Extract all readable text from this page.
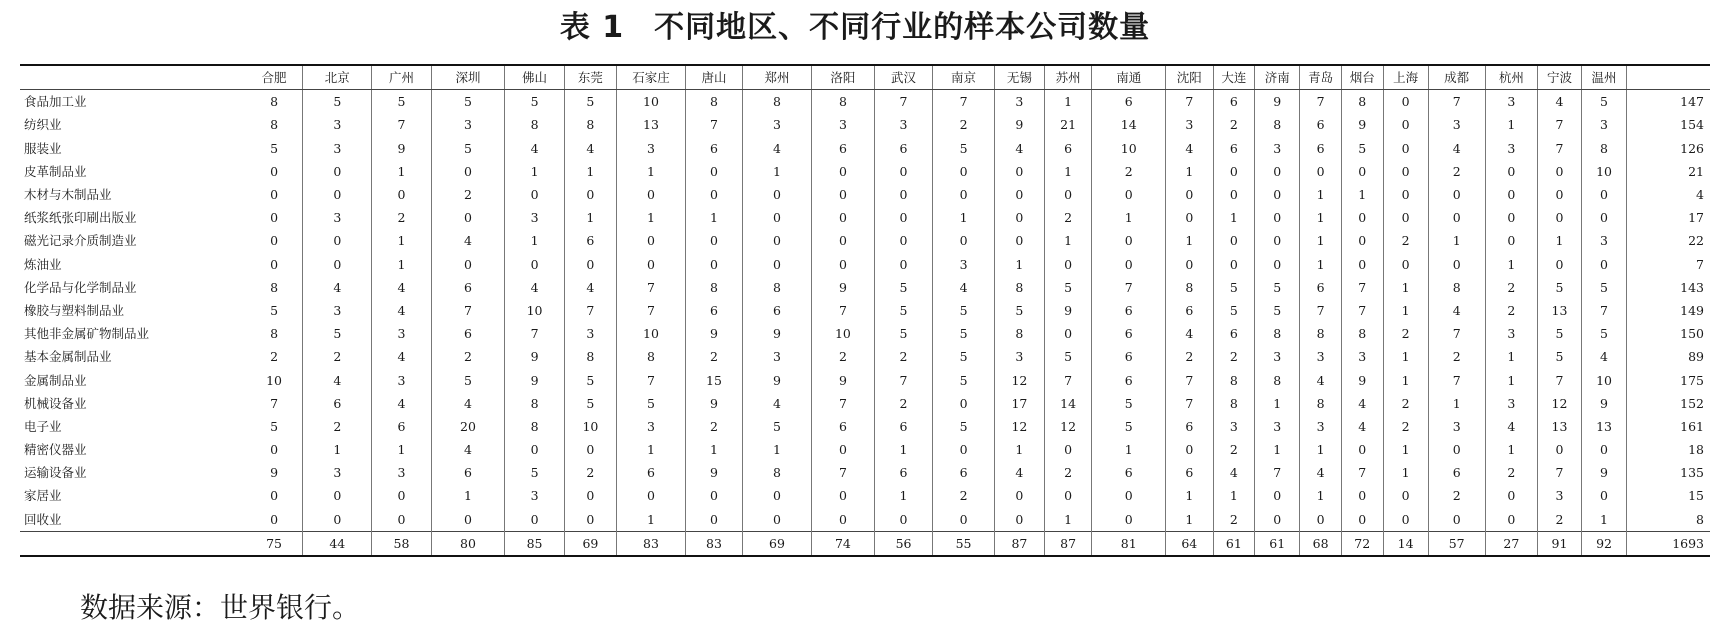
表 1 不同地区、不同行业的样本公司数量
	合肥	北京	广州	深圳	佛山	东莞	石家庄	唐山	郑州	洛阳	武汉	南京	无锡	苏州	南通	沈阳	大连	济南	青岛	烟台	上海	成都	杭州	宁波	温州	
食品加工业	8	5	5	5	5	5	10	8	8	8	7	7	3	1	6	7	6	9	7	8	0	7	3	4	5	147
纺织业	8	3	7	3	8	8	13	7	3	3	3	2	9	21	14	3	2	8	6	9	0	3	1	7	3	154
服装业	5	3	9	5	4	4	3	6	4	6	6	5	4	6	10	4	6	3	6	5	0	4	3	7	8	126
皮革制品业	0	0	1	0	1	1	1	0	1	0	0	0	0	1	2	1	0	0	0	0	0	2	0	0	10	21
木材与木制品业	0	0	0	2	0	0	0	0	0	0	0	0	0	0	0	0	0	0	1	1	0	0	0	0	0	4
纸浆纸张印刷出版业	0	3	2	0	3	1	1	1	0	0	0	1	0	2	1	0	1	0	1	0	0	0	0	0	0	17
磁光记录介质制造业	0	0	1	4	1	6	0	0	0	0	0	0	0	1	0	1	0	0	1	0	2	1	0	1	3	22
炼油业	0	0	1	0	0	0	0	0	0	0	0	3	1	0	0	0	0	0	1	0	0	0	1	0	0	7
化学品与化学制品业	8	4	4	6	4	4	7	8	8	9	5	4	8	5	7	8	5	5	6	7	1	8	2	5	5	143
橡胶与塑料制品业	5	3	4	7	10	7	7	6	6	7	5	5	5	9	6	6	5	5	7	7	1	4	2	13	7	149
其他非金属矿物制品业	8	5	3	6	7	3	10	9	9	10	5	5	8	0	6	4	6	8	8	8	2	7	3	5	5	150
基本金属制品业	2	2	4	2	9	8	8	2	3	2	2	5	3	5	6	2	2	3	3	3	1	2	1	5	4	89
金属制品业	10	4	3	5	9	5	7	15	9	9	7	5	12	7	6	7	8	8	4	9	1	7	1	7	10	175
机械设备业	7	6	4	4	8	5	5	9	4	7	2	0	17	14	5	7	8	1	8	4	2	1	3	12	9	152
电子业	5	2	6	20	8	10	3	2	5	6	6	5	12	12	5	6	3	3	3	4	2	3	4	13	13	161
精密仪器业	0	1	1	4	0	0	1	1	1	0	1	0	1	0	1	0	2	1	1	0	1	0	1	0	0	18
运输设备业	9	3	3	6	5	2	6	9	8	7	6	6	4	2	6	6	4	7	4	7	1	6	2	7	9	135
家居业	0	0	0	1	3	0	0	0	0	0	1	2	0	0	0	1	1	0	1	0	0	2	0	3	0	15
回收业	0	0	0	0	0	0	1	0	0	0	0	0	0	1	0	1	2	0	0	0	0	0	0	2	1	8
	75	44	58	80	85	69	83	83	69	74	56	55	87	87	81	64	61	61	68	72	14	57	27	91	92	1693
数据来源：世界银行。
